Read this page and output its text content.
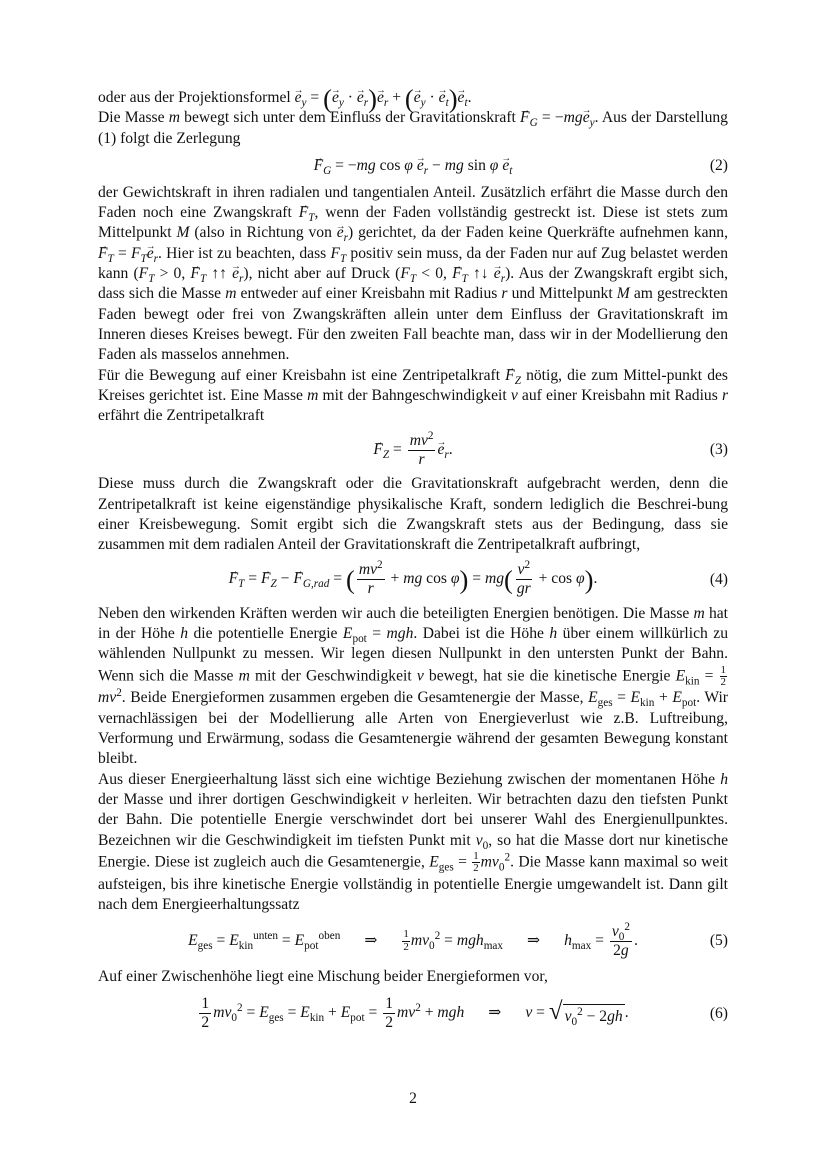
oder aus der Projektionsformel → $e_y$ = (→ $e_y$ · → $e_r)\to e_r$ + (→ $e_y$ · → $e_t)\to e_t$.

Die Masse m bewegt sich unter dem Einfluss der Gravitationskraft → $F_G = -mg\to e_y$. Aus der Darstellung (1) folgt die Zerlegung

→ $F_G = -mg$ $\cos \varphi \to e_r$ − mg $\sin \varphi \to e_t$	(2)

der Gewichtskraft in ihren radialen und tangentialen Anteil. Zusätzlich erfährt die Masse durch den Faden noch eine Zwangskraft → $F_T$, wenn der Faden vollständig gestreckt ist. Diese ist stets zum Mittelpunkt M (also in Richtung von → $e_r$) gerichtet, da der Faden keine Querkräfte aufnehmen kann, → $F_T = F_T\to e_r$. Hier ist zu beachten, dass $F_T$ positiv sein muss, da der Faden nur auf Zug belastet werden kann ($F_T > 0$, → $F_T$ ↑↑ → $e_r$), nicht aber auf Druck ($F_T < 0$, → $F_T$ ↑↓ → $e_r$). Aus der Zwangskraft ergibt sich, dass sich die Masse m entweder auf einer Kreisbahn mit Radius r und Mittelpunkt M am gestreckten Faden bewegt oder frei von Zwangskräften allein unter dem Einfluss der Gravitationskraft im Inneren dieses Kreises bewegt. Für den zweiten Fall beachte man, dass wir in der Modellierung den Faden als masselos annehmen.

Für die Bewegung auf einer Kreisbahn ist eine Zentripetalkraft → $F_Z$ nötig, die zum Mittel-punkt des Kreises gerichtet ist. Eine Masse m mit der Bahngeschwindigkeit v auf einer Kreisbahn mit Radius r erfährt die Zentripetalkraft

→ $F_Z = \frac{mv^2}{r}$
→ $e_r$.	(3)

Diese muss durch die Zwangskraft oder die Gravitationskraft aufgebracht werden, denn die Zentripetalkraft ist keine eigenständige physikalische Kraft, sondern lediglich die Beschrei-bung einer Kreisbewegung. Somit ergibt sich die Zwangskraft stets aus der Bedingung, dass sie zusammen mit dem radialen Anteil der Gravitationskraft die Zentripetalkraft aufbringt,

→ $F_T$ = → $F_Z$ − → $F_{G,rad}$ = ( $\frac{mv^2}{r}$ + mg $\cos \varphi) = mg( \frac{v^2}{gr} + \cos \varphi)$.	(4)

Neben den wirkenden Kräften werden wir auch die beteiligten Energien benötigen. Die Masse m hat in der Höhe h die potentielle Energie $E_{pot}$ = mgh. Dabei ist die Höhe h über einem willkürlich zu wählenden Nullpunkt zu messen. Wir legen diesen Nullpunkt in den untersten Punkt der Bahn. Wenn sich die Masse m mit der Geschwindigkeit v bewegt, hat sie die kinetische Energie $E_{kin} = \frac{1}{2}$
$mv^2$. Beide Energieformen zusammen ergeben die Gesamtenergie der Masse, $E_{ges} = E_{kin} + E_{pot}$. Wir vernachlässigen bei der Modellierung alle Arten von Energieverlust wie z.B. Luftreibung, Verformung und Erwärmung, sodass die Gesamtenergie während der gesamten Bewegung konstant bleibt.

Aus dieser Energieerhaltung lässt sich eine wichtige Beziehung zwischen der momentanen Höhe h der Masse und ihrer dortigen Geschwindigkeit v herleiten. Wir betrachten dazu den tiefsten Punkt der Bahn. Die potentielle Energie verschwindet dort bei unserer Wahl des Energienullpunktes. Bezeichnen wir die Geschwindigkeit im tiefsten Punkt mit $v_0$, so hat die Masse dort nur kinetische Energie. Diese ist zugleich auch die Gesamtenergie, $E_{ges} = \frac{1}{2} mv_0^2$. Die Masse kann maximal so weit aufsteigen, bis ihre kinetische Energie vollständig in potentielle Energie umgewandelt ist. Dann gilt nach dem Energieerhaltungssatz

$E_{ges} = E_{kin}^{unten} = E_{pot}^{oben}$ ⇒ $\frac{1}{2} mv_0^2 = mgh_{max}$ ⇒ $h_{max} = \frac{v_0^2}{2g}$ .	(5)

Auf einer Zwischenhöhe liegt eine Mischung beider Energieformen vor,

$\frac{1}{2} mv_0^2 = E_{ges} = E_{kin} + E_{pot} = \frac{1}{2} mv^2$ + mgh ⇒ v = √ $v_0^2 - 2gh$ .	(6)
2
